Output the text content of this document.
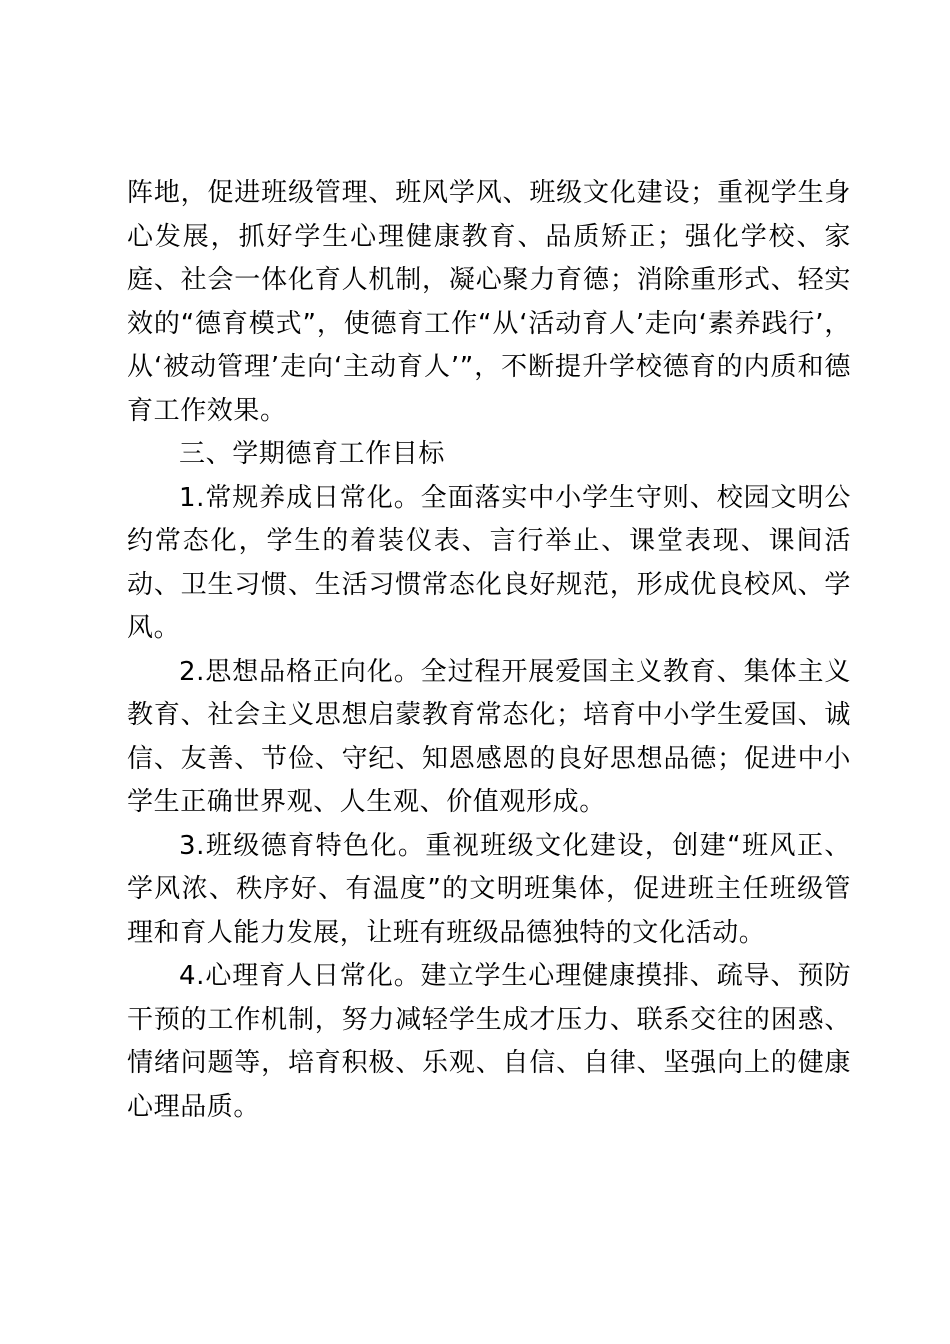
阵地，促进班级管理、班风学风、班级文化建设；重视学生身心发展，抓好学生心理健康教育、品质矫正；强化学校、家庭、社会一体化育人机制，凝心聚力育德；消除重形式、轻实效的“德育模式”，使德育工作“从‘活动育人’走向‘素养践行’，从‘被动管理’走向‘主动育人’”，不断提升学校德育的内质和德育工作效果。

三、学期德育工作目标

1.常规养成日常化。全面落实中小学生守则、校园文明公约常态化，学生的着装仪表、言行举止、课堂表现、课间活动、卫生习惯、生活习惯常态化良好规范，形成优良校风、学风。

2.思想品格正向化。全过程开展爱国主义教育、集体主义教育、社会主义思想启蒙教育常态化；培育中小学生爱国、诚信、友善、节俭、守纪、知恩感恩的良好思想品德；促进中小学生正确世界观、人生观、价值观形成。

3.班级德育特色化。重视班级文化建设，创建“班风正、学风浓、秩序好、有温度”的文明班集体，促进班主任班级管理和育人能力发展，让班有班级品德独特的文化活动。

4.心理育人日常化。建立学生心理健康摸排、疏导、预防干预的工作机制，努力减轻学生成才压力、联系交往的困惑、情绪问题等，培育积极、乐观、自信、自律、坚强向上的健康心理品质。
